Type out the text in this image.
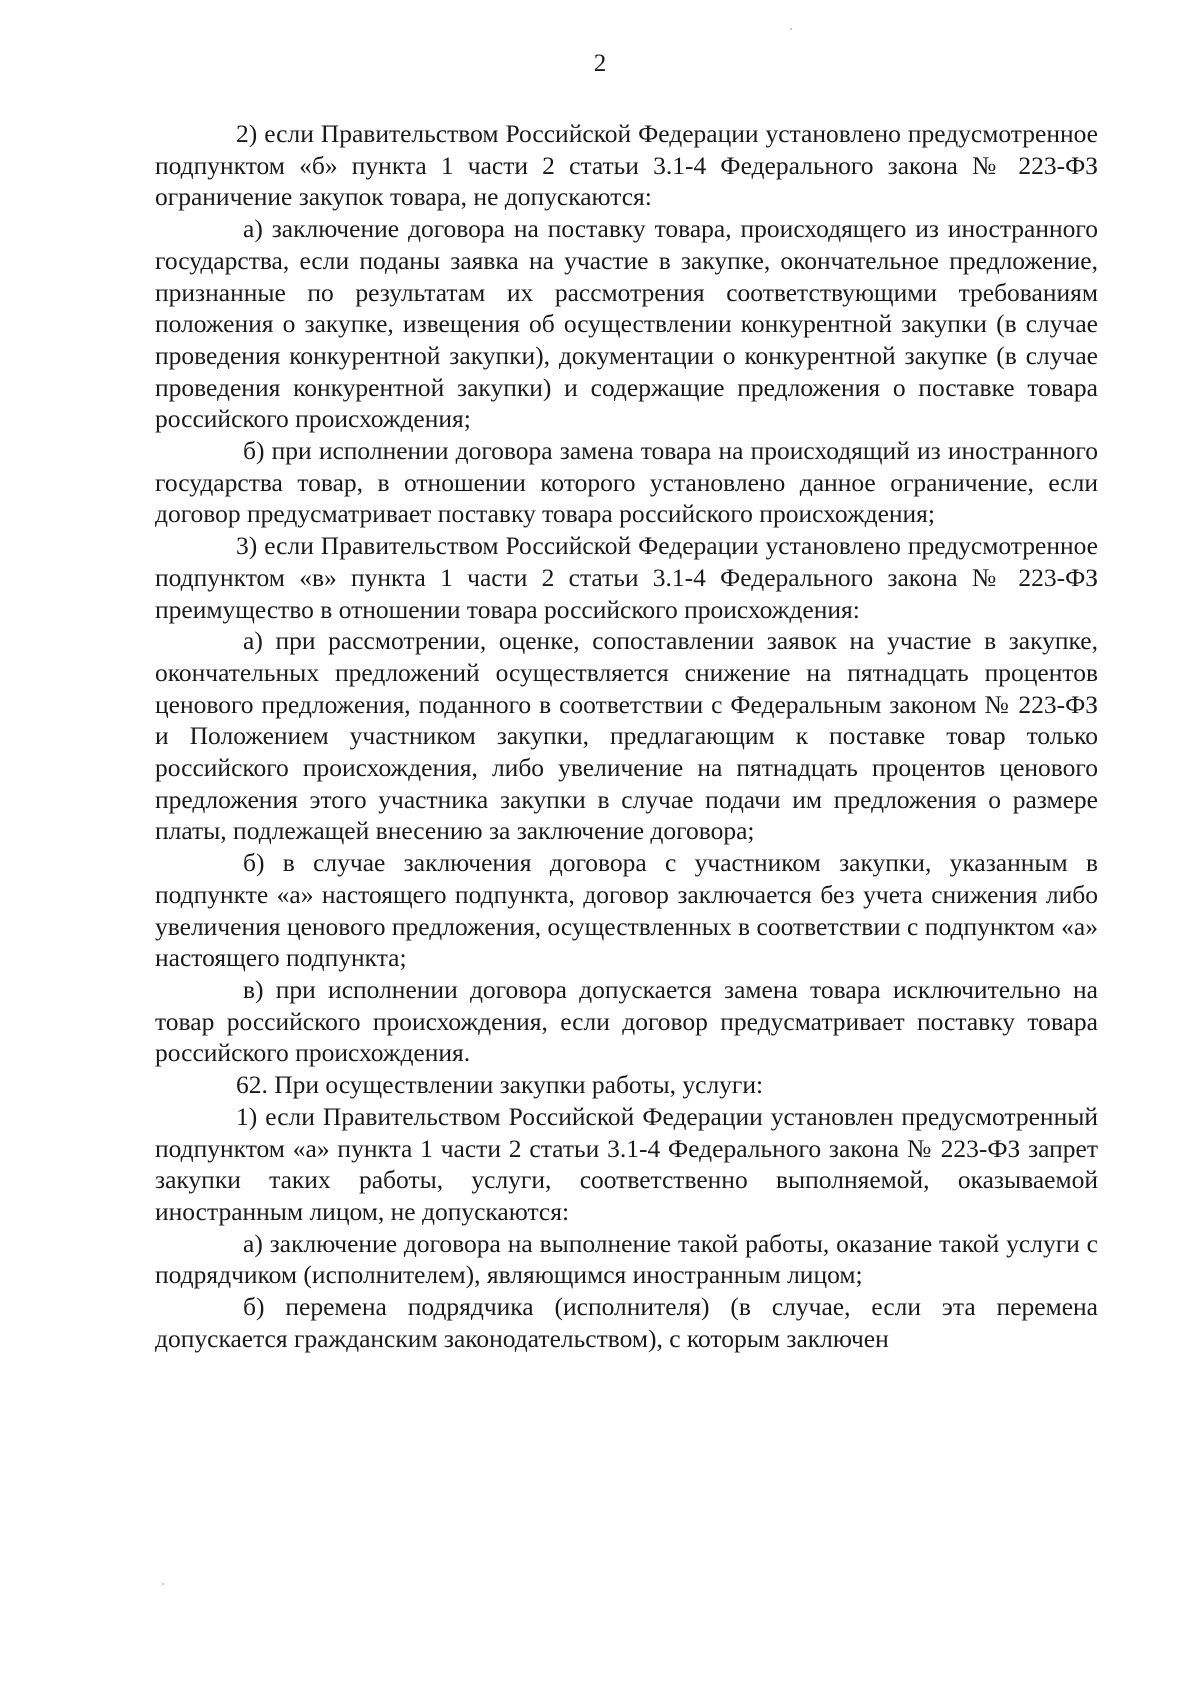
2

2) если Правительством Российской Федерации установлено предусмотренное подпунктом «б» пункта 1 части 2 статьи 3.1-4 Федерального закона № 223-ФЗ ограничение закупок товара, не допускаются:

а) заключение договора на поставку товара, происходящего из иностранного государства, если поданы заявка на участие в закупке, окончательное предложение, признанные по результатам их рассмотрения соответствующими требованиям положения о закупке, извещения об осуществлении конкурентной закупки (в случае проведения конкурентной закупки), документации о конкурентной закупке (в случае проведения конкурентной закупки) и содержащие предложения о поставке товара российского происхождения;

б) при исполнении договора замена товара на происходящий из иностранного государства товар, в отношении которого установлено данное ограничение, если договор предусматривает поставку товара российского происхождения;

3) если Правительством Российской Федерации установлено предусмотренное подпунктом «в» пункта 1 части 2 статьи 3.1-4 Федерального закона № 223-ФЗ преимущество в отношении товара российского происхождения:

а) при рассмотрении, оценке, сопоставлении заявок на участие в закупке, окончательных предложений осуществляется снижение на пятнадцать процентов ценового предложения, поданного в соответствии с Федеральным законом № 223-ФЗ и Положением участником закупки, предлагающим к поставке товар только российского происхождения, либо увеличение на пятнадцать процентов ценового предложения этого участника закупки в случае подачи им предложения о размере платы, подлежащей внесению за заключение договора;

б) в случае заключения договора с участником закупки, указанным в подпункте «а» настоящего подпункта, договор заключается без учета снижения либо увеличения ценового предложения, осуществленных в соответствии с подпунктом «а» настоящего подпункта;

в) при исполнении договора допускается замена товара исключительно на товар российского происхождения, если договор предусматривает поставку товара российского происхождения.

62. При осуществлении закупки работы, услуги:

1) если Правительством Российской Федерации установлен предусмотренный подпунктом «а» пункта 1 части 2 статьи 3.1-4 Федерального закона № 223-ФЗ запрет закупки таких работы, услуги, соответственно выполняемой, оказываемой иностранным лицом, не допускаются:

а) заключение договора на выполнение такой работы, оказание такой услуги с подрядчиком (исполнителем), являющимся иностранным лицом;

б) перемена подрядчика (исполнителя) (в случае, если эта перемена допускается гражданским законодательством), с которым заключен
